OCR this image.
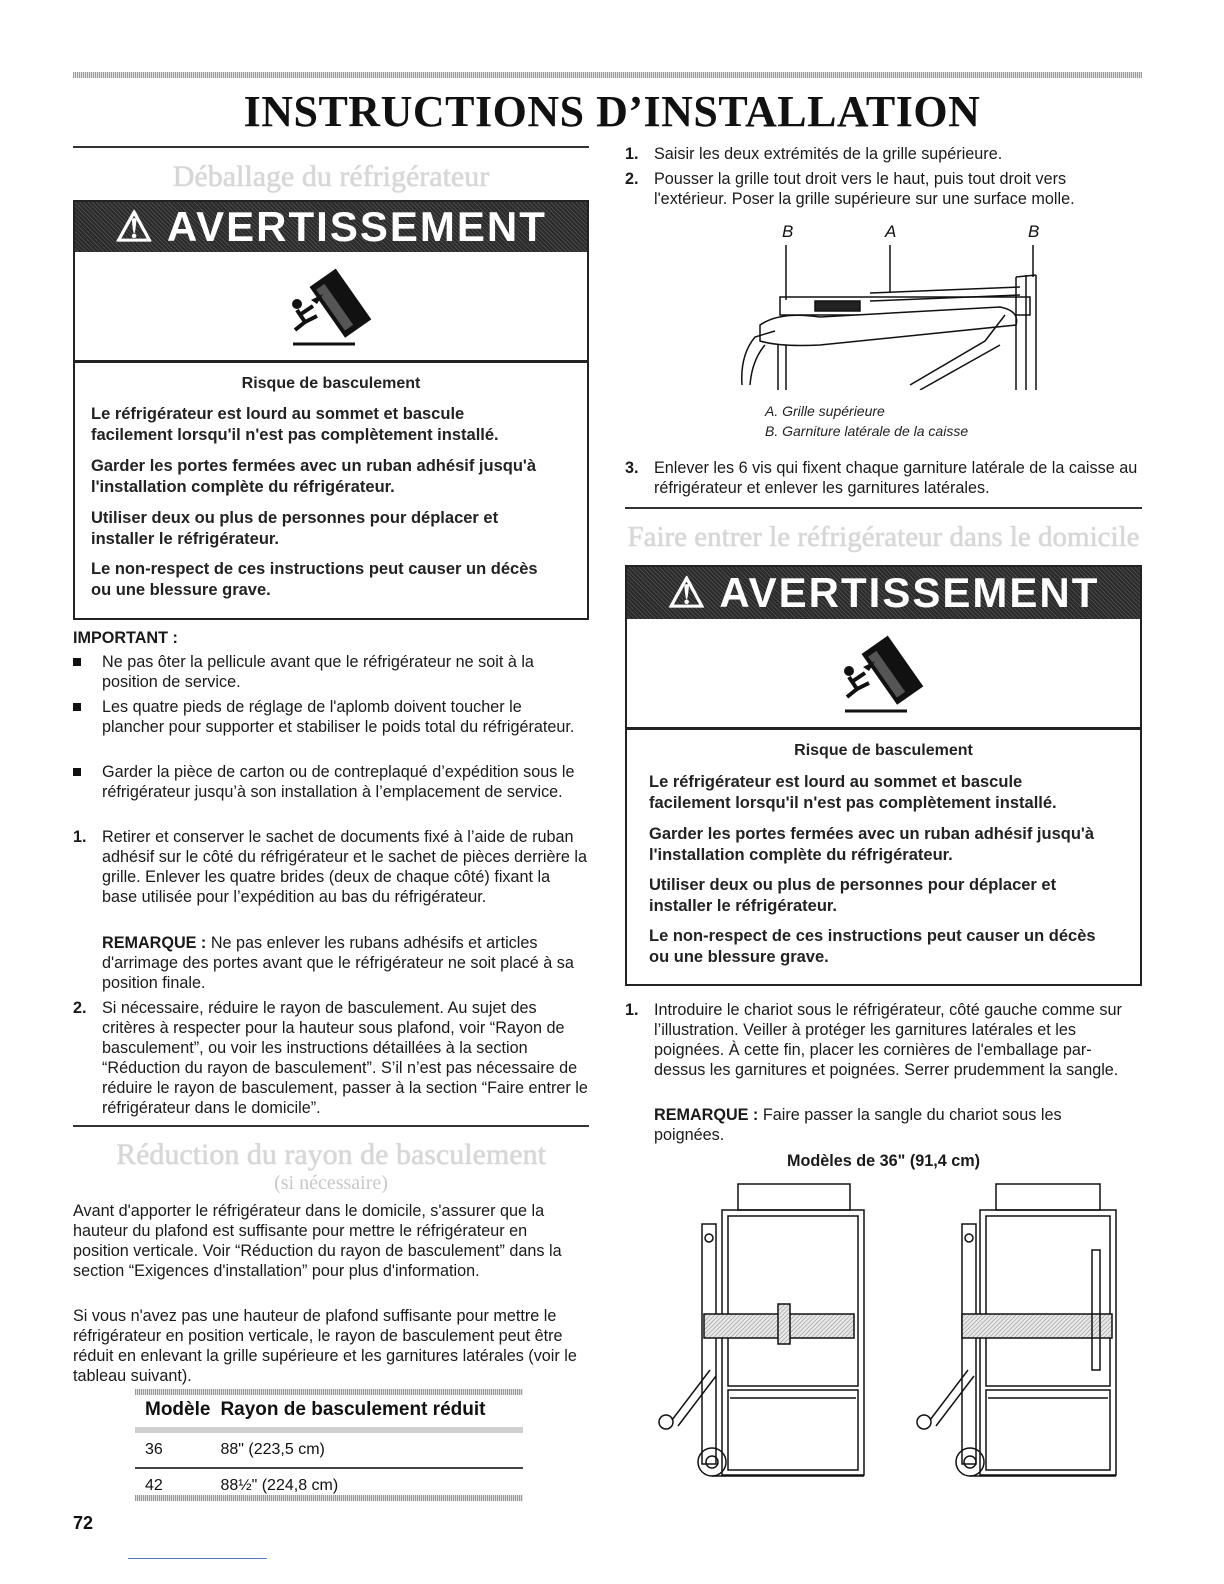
INSTRUCTIONS D’INSTALLATION
Déballage du réfrigérateur
⚠ AVERTISSEMENT
Risque de basculement
Le réfrigérateur est lourd au sommet et bascule facilement lorsqu'il n'est pas complètement installé.
Garder les portes fermées avec un ruban adhésif jusqu'à l'installation complète du réfrigérateur.
Utiliser deux ou plus de personnes pour déplacer et installer le réfrigérateur.
Le non-respect de ces instructions peut causer un décès ou une blessure grave.
IMPORTANT :
Ne pas ôter la pellicule avant que le réfrigérateur ne soit à la position de service.
Les quatre pieds de réglage de l'aplomb doivent toucher le plancher pour supporter et stabiliser le poids total du réfrigérateur.
Garder la pièce de carton ou de contreplaqué d’expédition sous le réfrigérateur jusqu’à son installation à l’emplacement de service.
1. Retirer et conserver le sachet de documents fixé à l’aide de ruban adhésif sur le côté du réfrigérateur et le sachet de pièces derrière la grille. Enlever les quatre brides (deux de chaque côté) fixant la base utilisée pour l’expédition au bas du réfrigérateur.
REMARQUE : Ne pas enlever les rubans adhésifs et articles d'arrimage des portes avant que le réfrigérateur ne soit placé à sa position finale.
2. Si nécessaire, réduire le rayon de basculement. Au sujet des critères à respecter pour la hauteur sous plafond, voir “Rayon de basculement”, ou voir les instructions détaillées à la section “Réduction du rayon de basculement”. S’il n’est pas nécessaire de réduire le rayon de basculement, passer à la section “Faire entrer le réfrigérateur dans le domicile”.
Réduction du rayon de basculement
(si nécessaire)
Avant d'apporter le réfrigérateur dans le domicile, s'assurer que la hauteur du plafond est suffisante pour mettre le réfrigérateur en position verticale. Voir “Réduction du rayon de basculement” dans la section “Exigences d'installation” pour plus d'information.
Si vous n'avez pas une hauteur de plafond suffisante pour mettre le réfrigérateur en position verticale, le rayon de basculement peut être réduit en enlevant la grille supérieure et les garnitures latérales (voir le tableau suivant).
Modèle	Rayon de basculement réduit
36	88" (223,5 cm)
42	88½" (224,8 cm)
72
1. Saisir les deux extrémités de la grille supérieure.
2. Pousser la grille tout droit vers le haut, puis tout droit vers l'extérieur. Poser la grille supérieure sur une surface molle.
B	A	B
A. Grille supérieure
B. Garniture latérale de la caisse
3. Enlever les 6 vis qui fixent chaque garniture latérale de la caisse au réfrigérateur et enlever les garnitures latérales.
Faire entrer le réfrigérateur dans le domicile
⚠ AVERTISSEMENT
Risque de basculement
Le réfrigérateur est lourd au sommet et bascule facilement lorsqu'il n'est pas complètement installé.
Garder les portes fermées avec un ruban adhésif jusqu'à l'installation complète du réfrigérateur.
Utiliser deux ou plus de personnes pour déplacer et installer le réfrigérateur.
Le non-respect de ces instructions peut causer un décès ou une blessure grave.
1. Introduire le chariot sous le réfrigérateur, côté gauche comme sur l’illustration. Veiller à protéger les garnitures latérales et les poignées. À cette fin, placer les cornières de l'emballage par-dessus les garnitures et poignées. Serrer prudemment la sangle.
REMARQUE : Faire passer la sangle du chariot sous les poignées.
Modèles de 36" (91,4 cm)
